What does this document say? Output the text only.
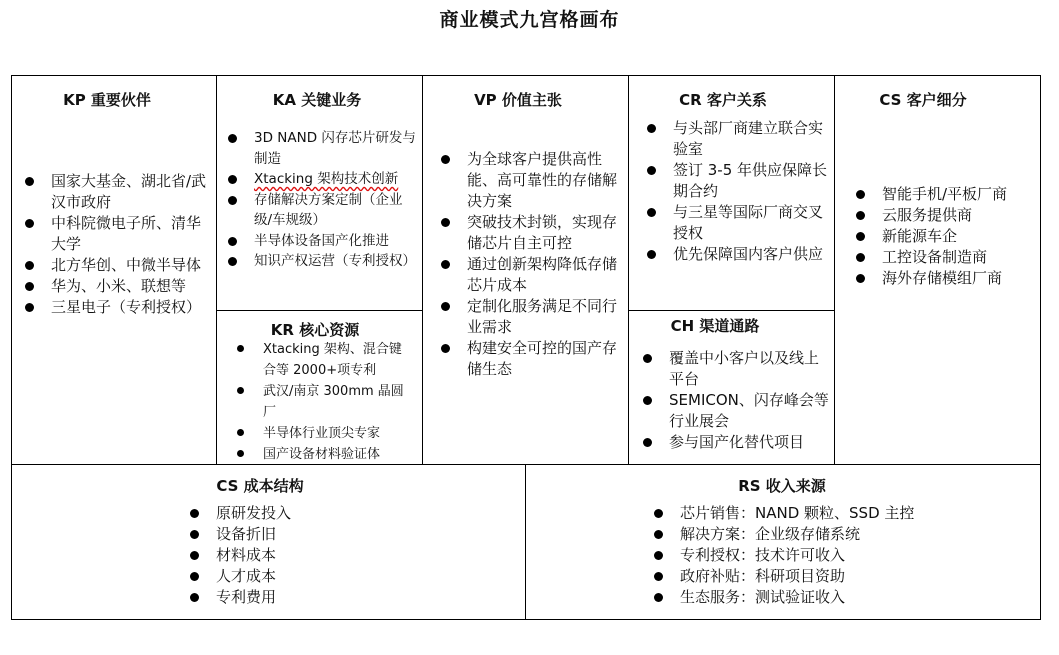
商业模式九宫格画布
KP 重要伙伴
国家大基金、湖北省/武汉市政府
中科院微电子所、清华大学
北方华创、中微半导体
华为、小米、联想等
三星电子（专利授权）
KA 关键业务
3D NAND 闪存芯片研发与制造
Xtacking 架构技术创新
存储解决方案定制（企业级/车规级）
半导体设备国产化推进
知识产权运营（专利授权）
KR 核心资源
Xtacking 架构、混合键合等 2000+项专利
武汉/南京 300mm 晶圆厂
半导体行业顶尖专家
国产设备材料验证体
VP 价值主张
为全球客户提供高性能、高可靠性的存储解决方案
突破技术封锁，实现存储芯片自主可控
通过创新架构降低存储芯片成本
定制化服务满足不同行业需求
构建安全可控的国产存储生态
CR 客户关系
与头部厂商建立联合实验室
签订 3-5 年供应保障长期合约
与三星等国际厂商交叉授权
优先保障国内客户供应
CH 渠道通路
覆盖中小客户以及线上平台
SEMICON、闪存峰会等行业展会
参与国产化替代项目
CS 客户细分
智能手机/平板厂商
云服务提供商
新能源车企
工控设备制造商
海外存储模组厂商
CS 成本结构
原研发投入
设备折旧
材料成本
人才成本
专利费用
RS 收入来源
芯片销售：NAND 颗粒、SSD 主控
解决方案：企业级存储系统
专利授权：技术许可收入
政府补贴：科研项目资助
生态服务：测试验证收入
